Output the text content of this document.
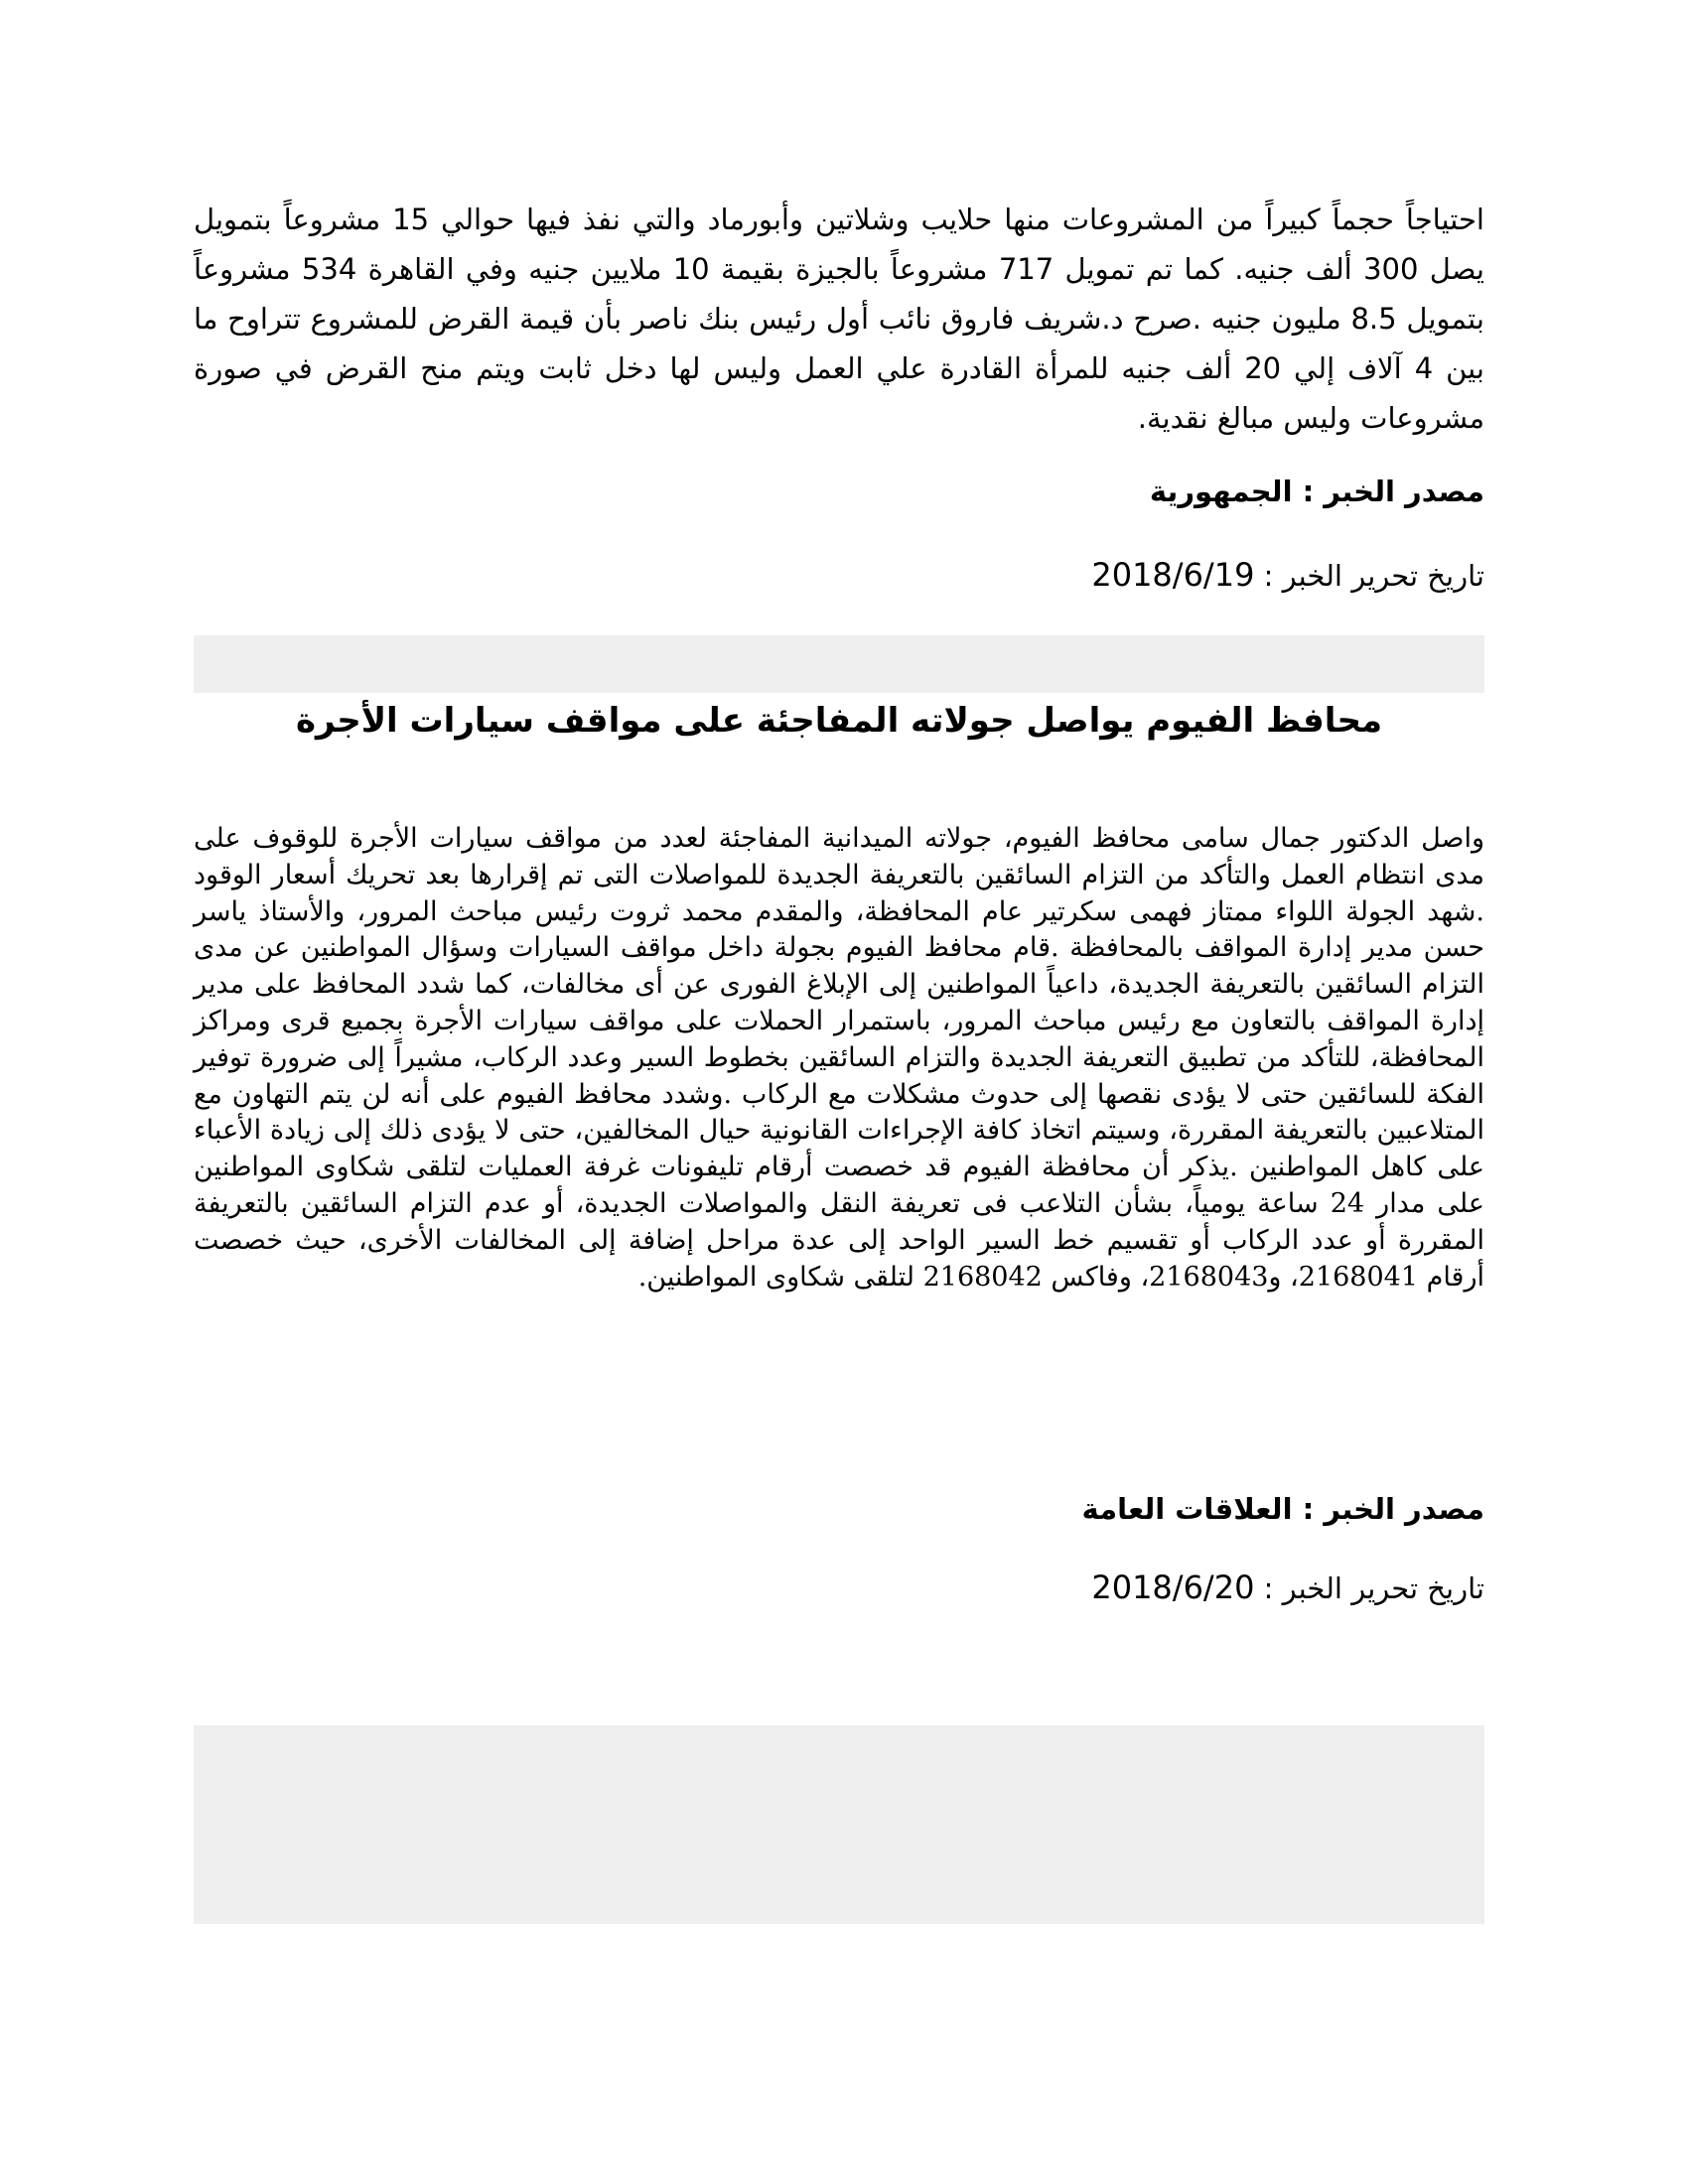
احتياجاً حجماً كبيراً من المشروعات منها حلايب وشلاتين وأبورماد والتي نفذ فيها حوالي 15 مشروعاً بتمويل يصل 300 ألف جنيه. كما تم تمويل 717 مشروعاً بالجيزة بقيمة 10 ملايين جنيه وفي القاهرة 534 مشروعاً بتمويل 8.5 مليون جنيه .صرح د.شريف فاروق نائب أول رئيس بنك ناصر بأن قيمة القرض للمشروع تتراوح ما بين 4 آلاف إلي 20 ألف جنيه للمرأة القادرة علي العمل وليس لها دخل ثابت ويتم منح القرض في صورة مشروعات وليس مبالغ نقدية.

مصدر الخبر : الجمهورية
تاريخ تحرير الخبر : 2018/6/19
محافظ الفيوم يواصل جولاته المفاجئة على مواقف سيارات الأجرة

واصل الدكتور جمال سامى محافظ الفيوم، جولاته الميدانية المفاجئة لعدد من مواقف سيارات الأجرة للوقوف على مدى انتظام العمل والتأكد من التزام السائقين بالتعريفة الجديدة للمواصلات التى تم إقرارها بعد تحريك أسعار الوقود .شهد الجولة اللواء ممتاز فهمى سكرتير عام المحافظة، والمقدم محمد ثروت رئيس مباحث المرور، والأستاذ ياسر حسن مدير إدارة المواقف بالمحافظة .قام محافظ الفيوم بجولة داخل مواقف السيارات وسؤال المواطنين عن مدى التزام السائقين بالتعريفة الجديدة، داعياً المواطنين إلى الإبلاغ الفورى عن أى مخالفات، كما شدد المحافظ على مدير إدارة المواقف بالتعاون مع رئيس مباحث المرور، باستمرار الحملات على مواقف سيارات الأجرة بجميع قرى ومراكز المحافظة، للتأكد من تطبيق التعريفة الجديدة والتزام السائقين بخطوط السير وعدد الركاب، مشيراً إلى ضرورة توفير الفكة للسائقين حتى لا يؤدى نقصها إلى حدوث مشكلات مع الركاب .وشدد محافظ الفيوم على أنه لن يتم التهاون مع المتلاعبين بالتعريفة المقررة، وسيتم اتخاذ كافة الإجراءات القانونية حيال المخالفين، حتى لا يؤدى ذلك إلى زيادة الأعباء على كاهل المواطنين .يذكر أن محافظة الفيوم قد خصصت أرقام تليفونات غرفة العمليات لتلقى شكاوى المواطنين على مدار 24 ساعة يومياً، بشأن التلاعب فى تعريفة النقل والمواصلات الجديدة، أو عدم التزام السائقين بالتعريفة المقررة أو عدد الركاب أو تقسيم خط السير الواحد إلى عدة مراحل إضافة إلى المخالفات الأخرى، حيث خصصت أرقام 2168041، و2168043، وفاكس 2168042 لتلقى شكاوى المواطنين.

مصدر الخبر : العلاقات العامة
تاريخ تحرير الخبر : 2018/6/20
